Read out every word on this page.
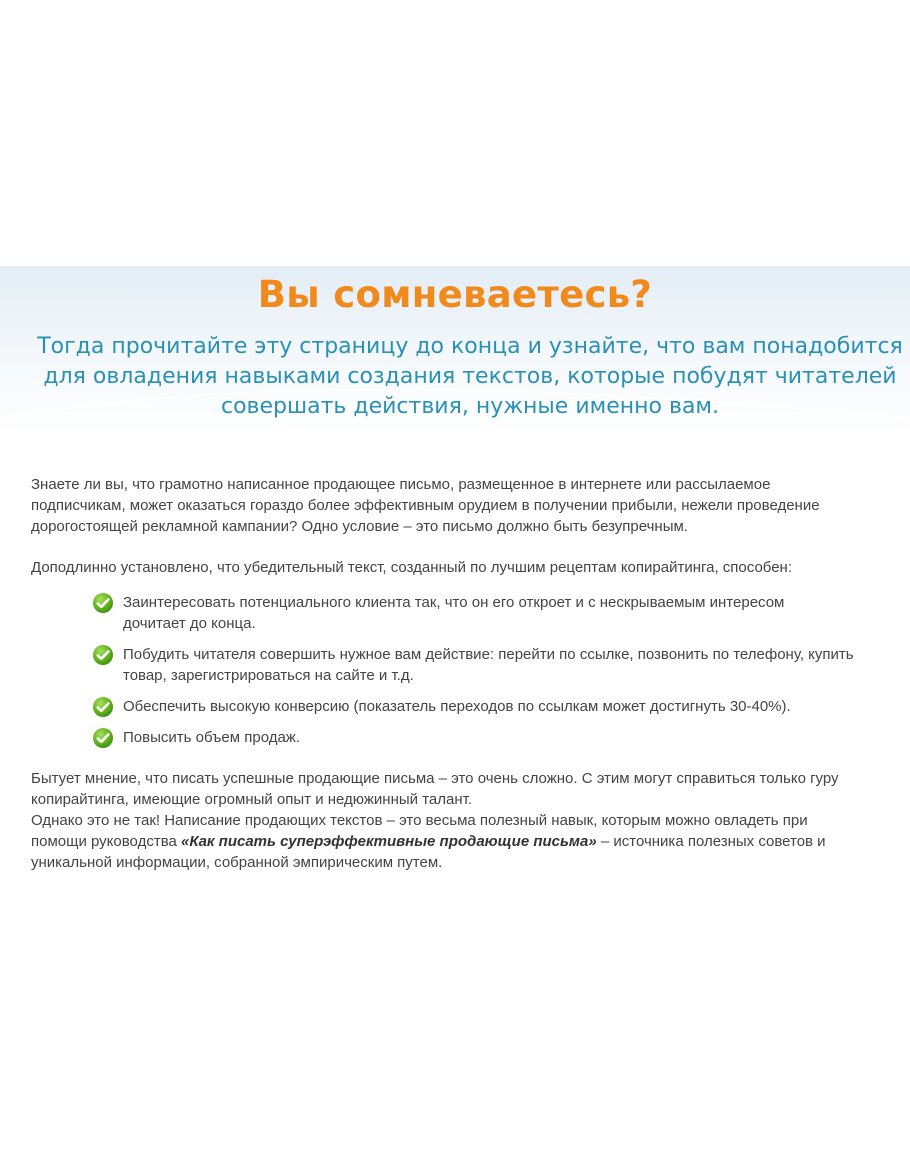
Вы сомневаетесь?
Тогда прочитайте эту страницу до конца и узнайте, что вам понадобится
для овладения навыками создания текстов, которые побудят читателей
совершать действия, нужные именно вам.

Знаете ли вы, что грамотно написанное продающее письмо, размещенное в интернете или рассылаемое
подписчикам, может оказаться гораздо более эффективным орудием в получении прибыли, нежели проведение
дорогостоящей рекламной кампании? Одно условие – это письмо должно быть безупречным.

Доподлинно установлено, что убедительный текст, созданный по лучшим рецептам копирайтинга, способен:

Заинтересовать потенциального клиента так, что он его откроет и с нескрываемым интересом
дочитает до конца.
Побудить читателя совершить нужное вам действие: перейти по ссылке, позвонить по телефону, купить
товар, зарегистрироваться на сайте и т.д.
Обеспечить высокую конверсию (показатель переходов по ссылкам может достигнуть 30-40%).
Повысить объем продаж.

Бытует мнение, что писать успешные продающие письма – это очень сложно. С этим могут справиться только гуру
копирайтинга, имеющие огромный опыт и недюжинный талант.
Однако это не так! Написание продающих текстов – это весьма полезный навык, которым можно овладеть при
помощи руководства «Как писать суперэффективные продающие письма» – источника полезных советов и
уникальной информации, собранной эмпирическим путем.
